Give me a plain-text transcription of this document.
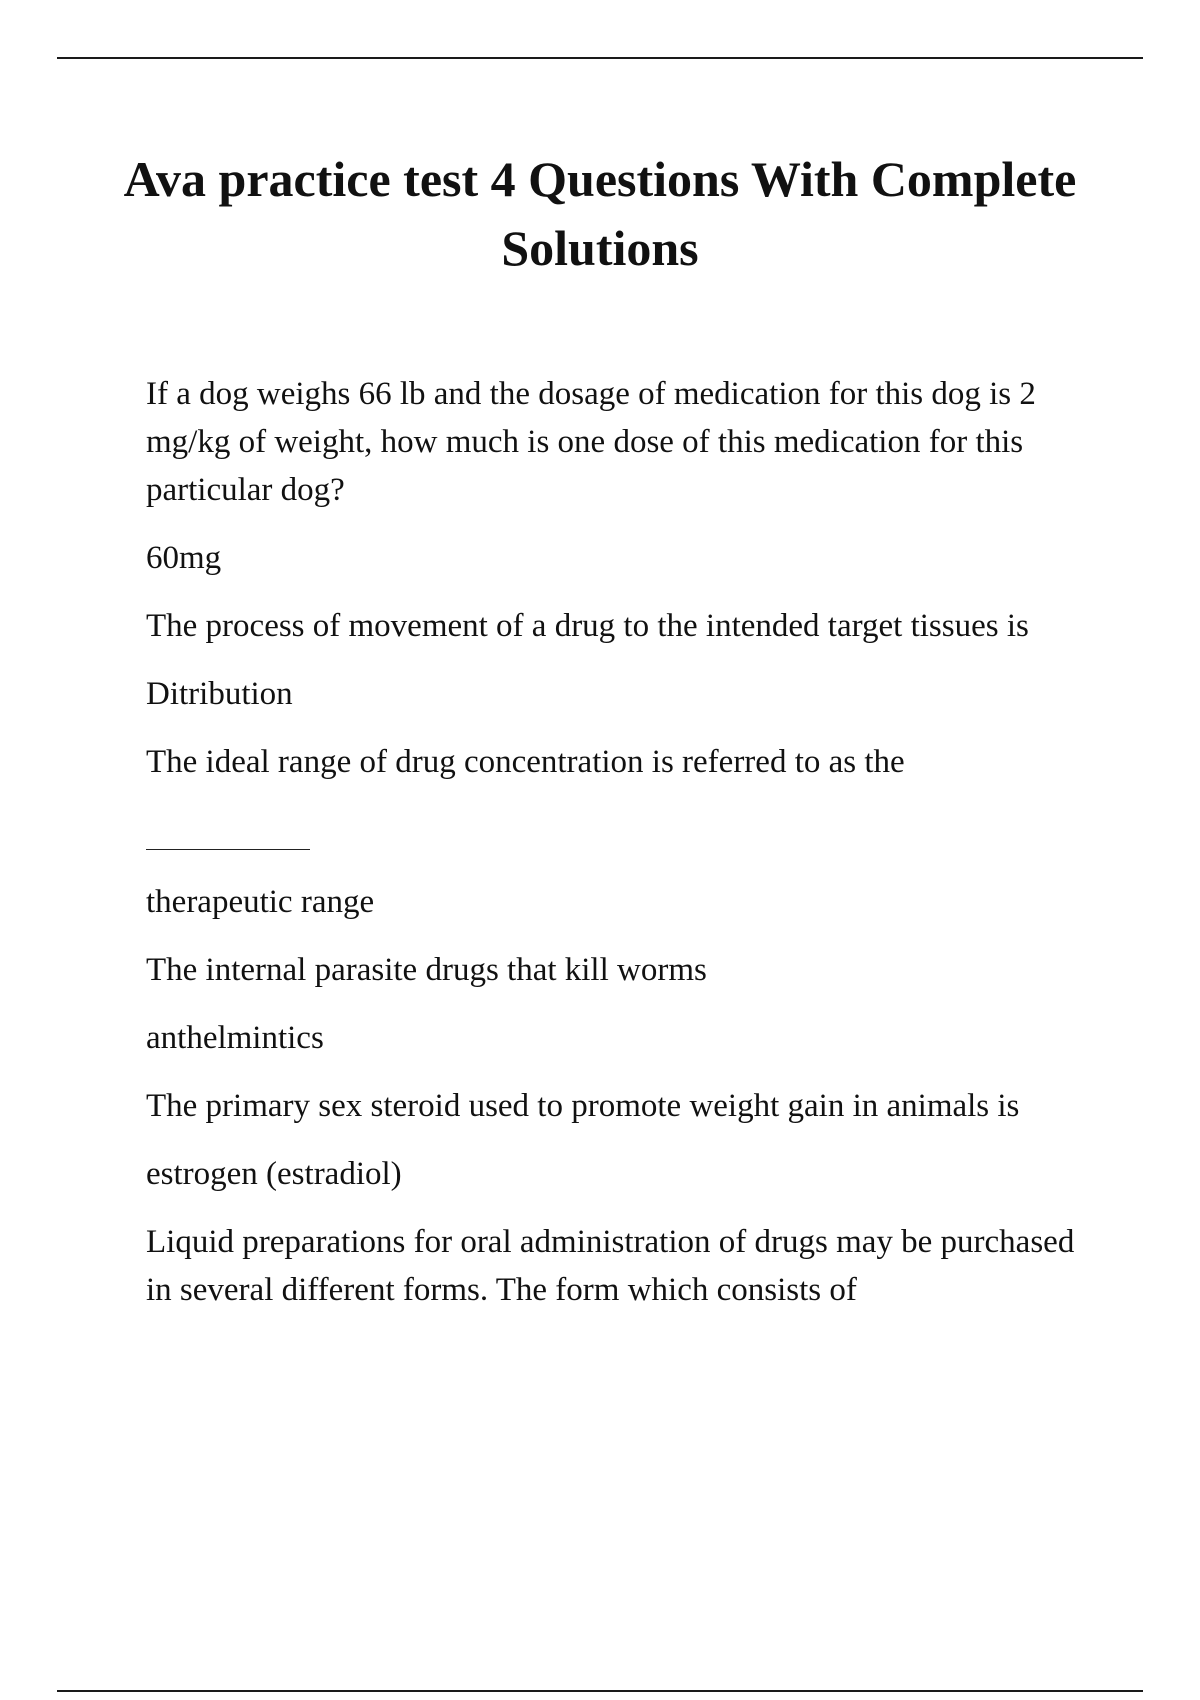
Ava practice test 4 Questions With Complete Solutions

If a dog weighs 66 lb and the dosage of medication for this dog is 2 mg/kg of weight, how much is one dose of this medication for this particular dog?

60mg

The process of movement of a drug to the intended target tissues is

Ditribution

The ideal range of drug concentration is referred to as the

therapeutic range

The internal parasite drugs that kill worms

anthelmintics

The primary sex steroid used to promote weight gain in animals is

estrogen (estradiol)

Liquid preparations for oral administration of drugs may be purchased in several different forms. The form which consists of
